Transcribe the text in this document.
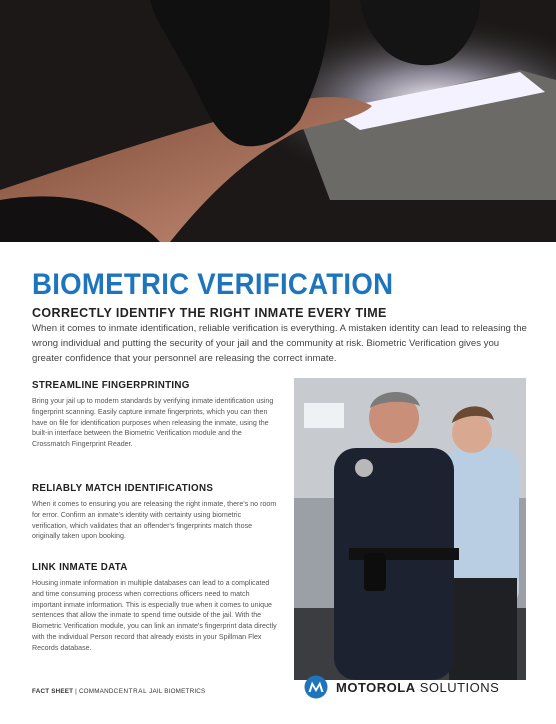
BIOMETRIC VERIFICATION
CORRECTLY IDENTIFY THE RIGHT INMATE EVERY TIME

When it comes to inmate identification, reliable verification is everything. A mistaken identity can lead to releasing the wrong individual and putting the security of your jail and the community at risk. Biometric Verification gives you greater confidence that your personnel are releasing the correct inmate.

STREAMLINE FINGERPRINTING

Bring your jail up to modern standards by verifying inmate identification using fingerprint scanning. Easily capture inmate fingerprints, which you can then have on file for identification purposes when releasing the inmate, using the built-in interface between the Biometric Verification module and the Crossmatch Fingerprint Reader.

RELIABLY MATCH IDENTIFICATIONS

When it comes to ensuring you are releasing the right inmate, there's no room for error. Confirm an inmate's identity with certainty using biometric verification, which validates that an offender's fingerprints match those originally taken upon booking.

LINK INMATE DATA

Housing inmate information in multiple databases can lead to a complicated and time consuming process when corrections officers need to match important inmate information. This is especially true when it comes to unique sentences that allow the inmate to spend time outside of the jail. With the Biometric Verification module, you can link an inmate's fingerprint data directly with the individual Person record that already exists in your Spillman Flex Records database.

FACT SHEET | COMMANDCENTRAL JAIL BIOMETRICS	MOTOROLA SOLUTIONS
